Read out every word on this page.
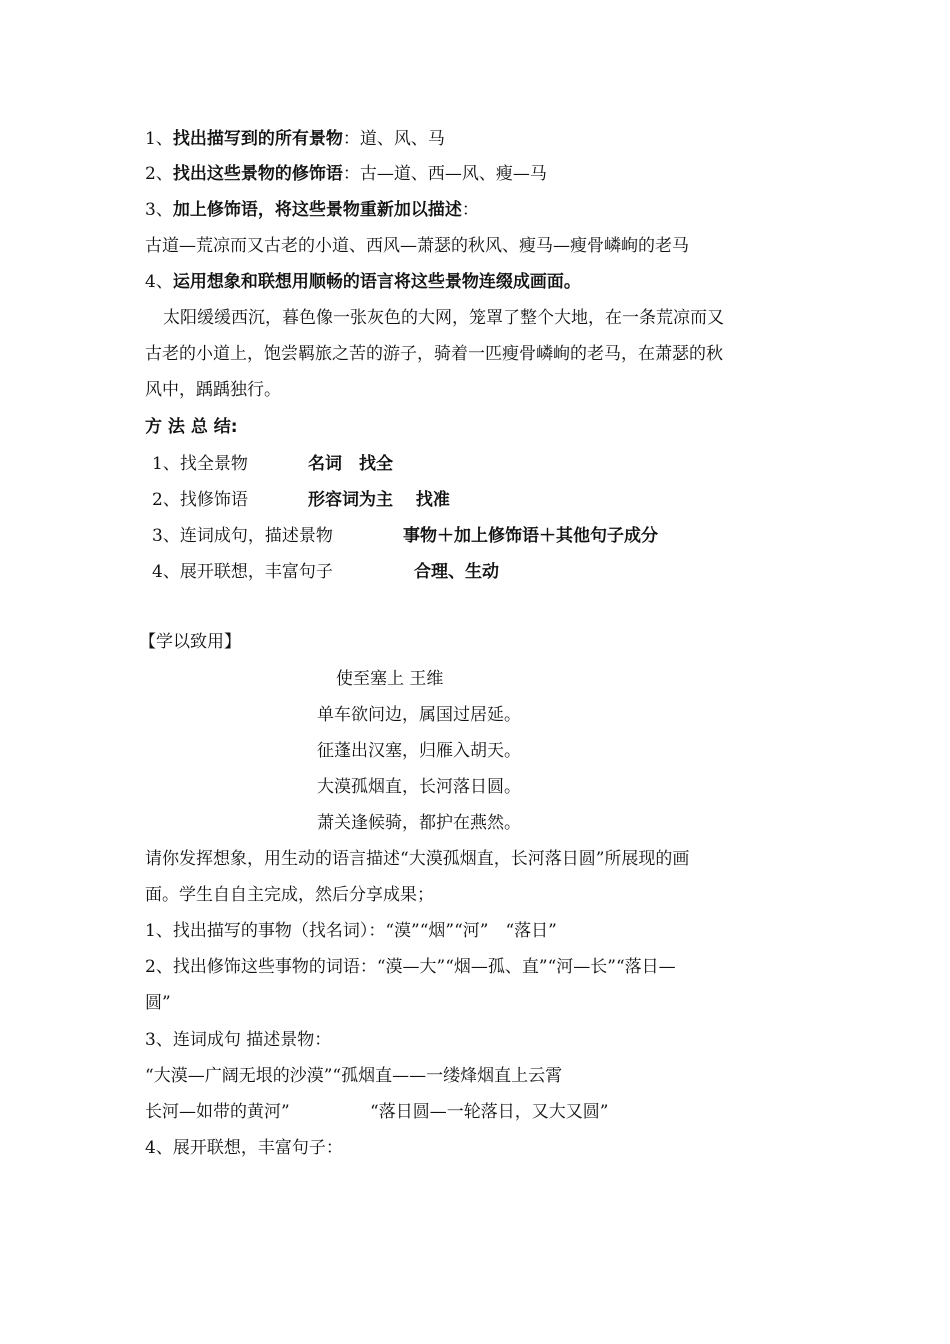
1、找出描写到的所有景物：道、风、马
2、找出这些景物的修饰语：古—道、西—风、瘦—马
3、加上修饰语，将这些景物重新加以描述：
古道—荒凉而又古老的小道、西风—萧瑟的秋风、瘦马—瘦骨嶙峋的老马
4、运用想象和联想用顺畅的语言将这些景物连缀成画面。
太阳缓缓西沉，暮色像一张灰色的大网，笼罩了整个大地，在一条荒凉而又
古老的小道上，饱尝羁旅之苦的游子，骑着一匹瘦骨嶙峋的老马，在萧瑟的秋
风中，踽踽独行。
方 法 总 结:
1、找全景物	名词　找全
2、找修饰语	形容词为主　 找准
3、连词成句，描述景物	事物＋加上修饰语＋其他句子成分
4、展开联想，丰富句子	合理、生动
【学以致用】
使至塞上 王维
单车欲问边，属国过居延。
征蓬出汉塞，归雁入胡天。
大漠孤烟直，长河落日圆。
萧关逢候骑，都护在燕然。
请你发挥想象，用生动的语言描述“大漠孤烟直，长河落日圆”所展现的画
面。学生自自主完成，然后分享成果；
1、找出描写的事物（找名词）：“漠”“烟”“河”　“落日”
2、找出修饰这些事物的词语：“漠—大”“烟—孤、直”“河—长”“落日—
圆”
3、连词成句 描述景物：
“大漠—广阔无垠的沙漠”“孤烟直——一缕烽烟直上云霄
长河—如带的黄河”	“落日圆—一轮落日，又大又圆”
4、展开联想，丰富句子：
